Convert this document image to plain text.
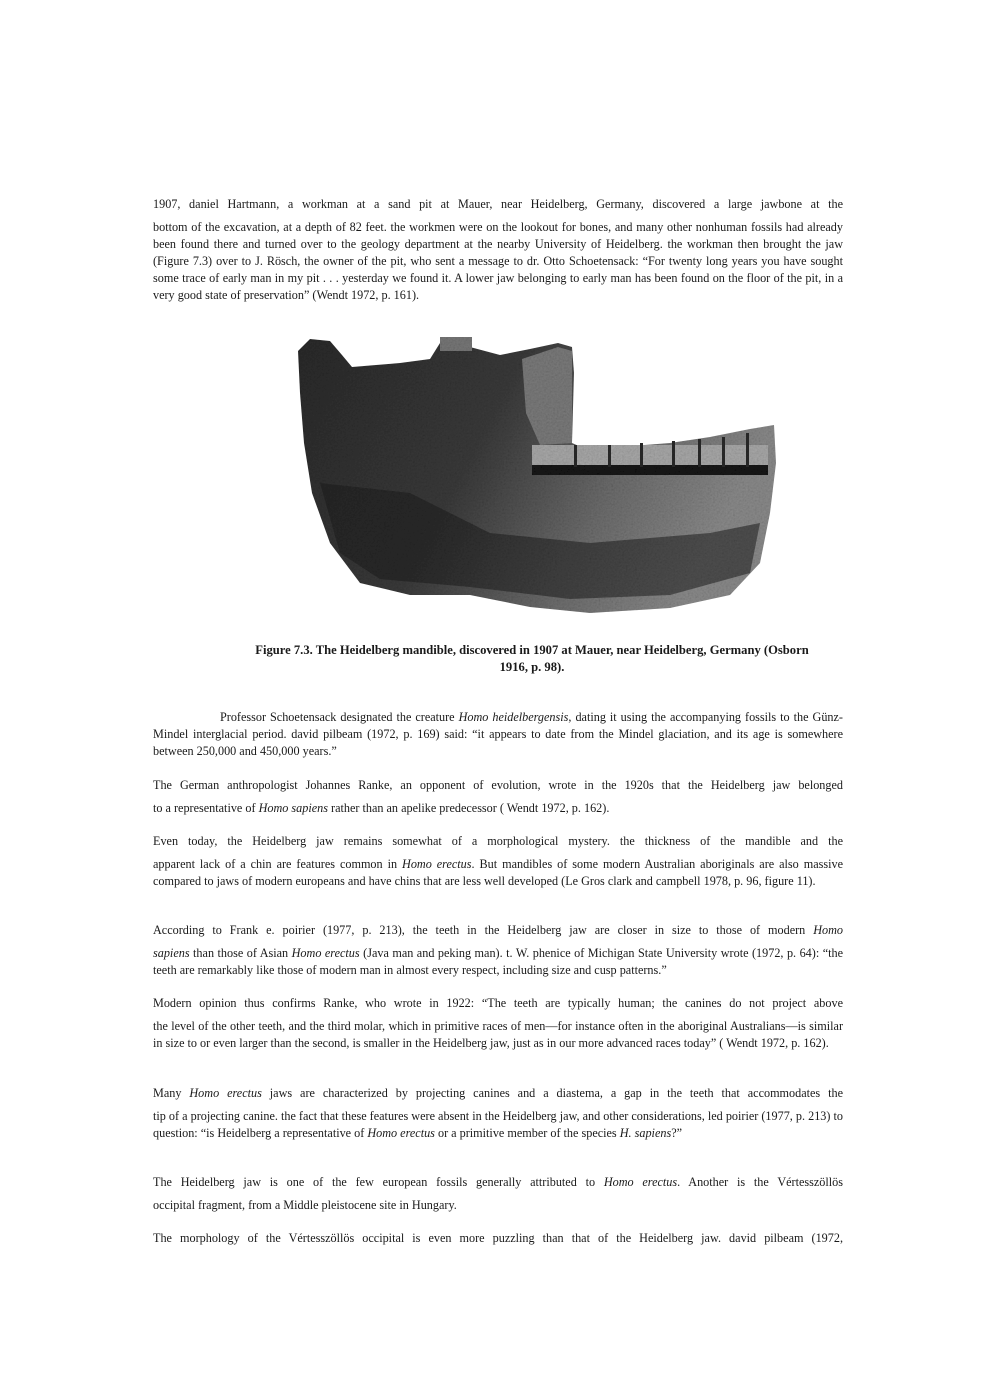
1907, daniel Hartmann, a workman at a sand pit at Mauer, near Heidelberg, Germany, discovered a large jawbone at the
bottom of the excavation, at a depth of 82 feet. the workmen were on the lookout for bones, and many other nonhuman fossils had already been found there and turned over to the geology department at the nearby University of Heidelberg. the workman then brought the jaw (Figure 7.3) over to J. Rösch, the owner of the pit, who sent a message to dr. Otto Schoetensack: “For twenty long years you have sought some trace of early man in my pit . . . yesterday we found it. A lower jaw belonging to early man has been found on the floor of the pit, in a very good state of preservation” (Wendt 1972, p. 161).

Figure 7.3. The Heidelberg mandible, discovered in 1907 at Mauer, near Heidelberg, Germany (Osborn
1916, p. 98).

Professor Schoetensack designated the creature Homo heidelbergensis, dating it using the accompanying fossils to the Günz-Mindel interglacial period. david pilbeam (1972, p. 169) said: “it appears to date from the Mindel glaciation, and its age is somewhere between 250,000 and 450,000 years.”
The German anthropologist Johannes Ranke, an opponent of evolution, wrote in the 1920s that the Heidelberg jaw belonged
to a representative of Homo sapiens rather than an apelike predecessor ( Wendt 1972, p. 162).
Even today, the Heidelberg jaw remains somewhat of a morphological mystery. the thickness of the mandible and the
apparent lack of a chin are features common in Homo erectus. But mandibles of some modern Australian aboriginals are also massive compared to jaws of modern europeans and have chins that are less well developed (Le Gros clark and campbell 1978, p. 96, figure 11).
According to Frank e. poirier (1977, p. 213), the teeth in the Heidelberg jaw are closer in size to those of modern Homo
sapiens than those of Asian Homo erectus (Java man and peking man). t. W. phenice of Michigan State University wrote (1972, p. 64): “the teeth are remarkably like those of modern man in almost every respect, including size and cusp patterns.”
Modern opinion thus confirms Ranke, who wrote in 1922: “The teeth are typically human; the canines do not project above
the level of the other teeth, and the third molar, which in primitive races of men—for instance often in the aboriginal Australians—is similar in size to or even larger than the second, is smaller in the Heidelberg jaw, just as in our more advanced races today” ( Wendt 1972, p. 162).
Many Homo erectus jaws are characterized by projecting canines and a diastema, a gap in the teeth that accommodates the
tip of a projecting canine. the fact that these features were absent in the Heidelberg jaw, and other considerations, led poirier (1977, p. 213) to question: “is Heidelberg a representative of Homo erectus or a primitive member of the species H. sapiens?”
The Heidelberg jaw is one of the few european fossils generally attributed to Homo erectus. Another is the Vértesszöllös
occipital fragment, from a Middle pleistocene site in Hungary.
The morphology of the Vértesszöllös occipital is even more puzzling than that of the Heidelberg jaw. david pilbeam (1972,
